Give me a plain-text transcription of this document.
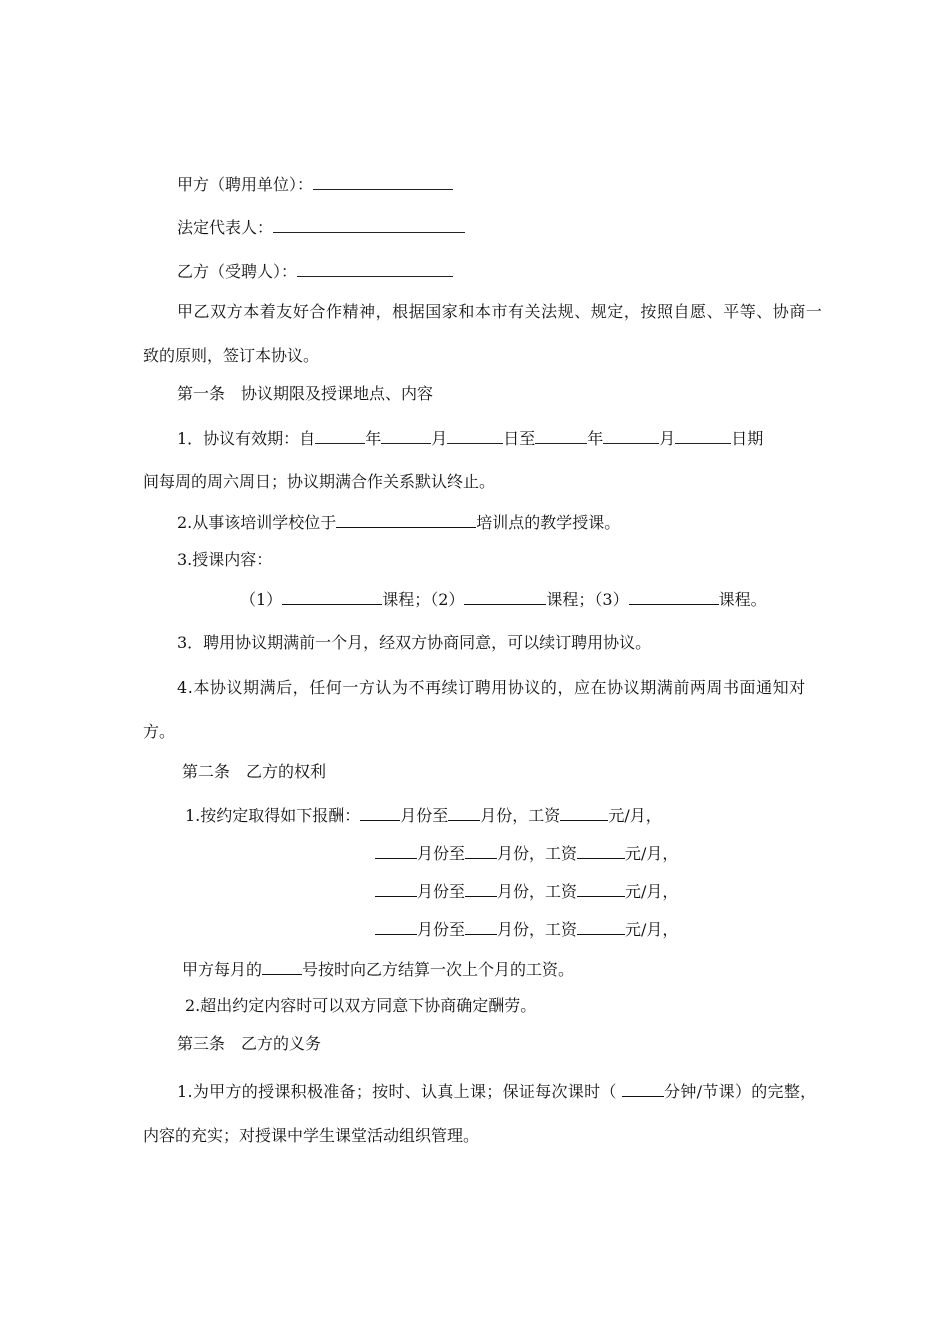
甲方（聘用单位）：
法定代表人：
乙方（受聘人）：
甲乙双方本着友好合作精神，根据国家和本市有关法规、规定，按照自愿、平等、协商一
致的原则，签订本协议。
第一条　协议期限及授课地点、内容
1．协议有效期：自	年	月	日至	年	月	日期
间每周的周六周日；协议期满合作关系默认终止。
2.从事该培训学校位于	培训点的教学授课。
3.授课内容：
（1）	课程；（2）	课程；（3）	课程。
3．聘用协议期满前一个月，经双方协商同意，可以续订聘用协议。
4.本协议期满后，任何一方认为不再续订聘用协议的，应在协议期满前两周书面通知对
方。
第二条　乙方的权利
1.按约定取得如下报酬：	月份至 月份，工资	元/月，
月份至 月份，工资	元/月，
月份至 月份，工资	元/月，
月份至 月份，工资	元/月，
甲方每月的	号按时向乙方结算一次上个月的工资。
2.超出约定内容时可以双方同意下协商确定酬劳。
第三条　乙方的义务
1.为甲方的授课积极准备；按时、认真上课；保证每次课时（	分钟/节课）的完整，
内容的充实；对授课中学生课堂活动组织管理。
